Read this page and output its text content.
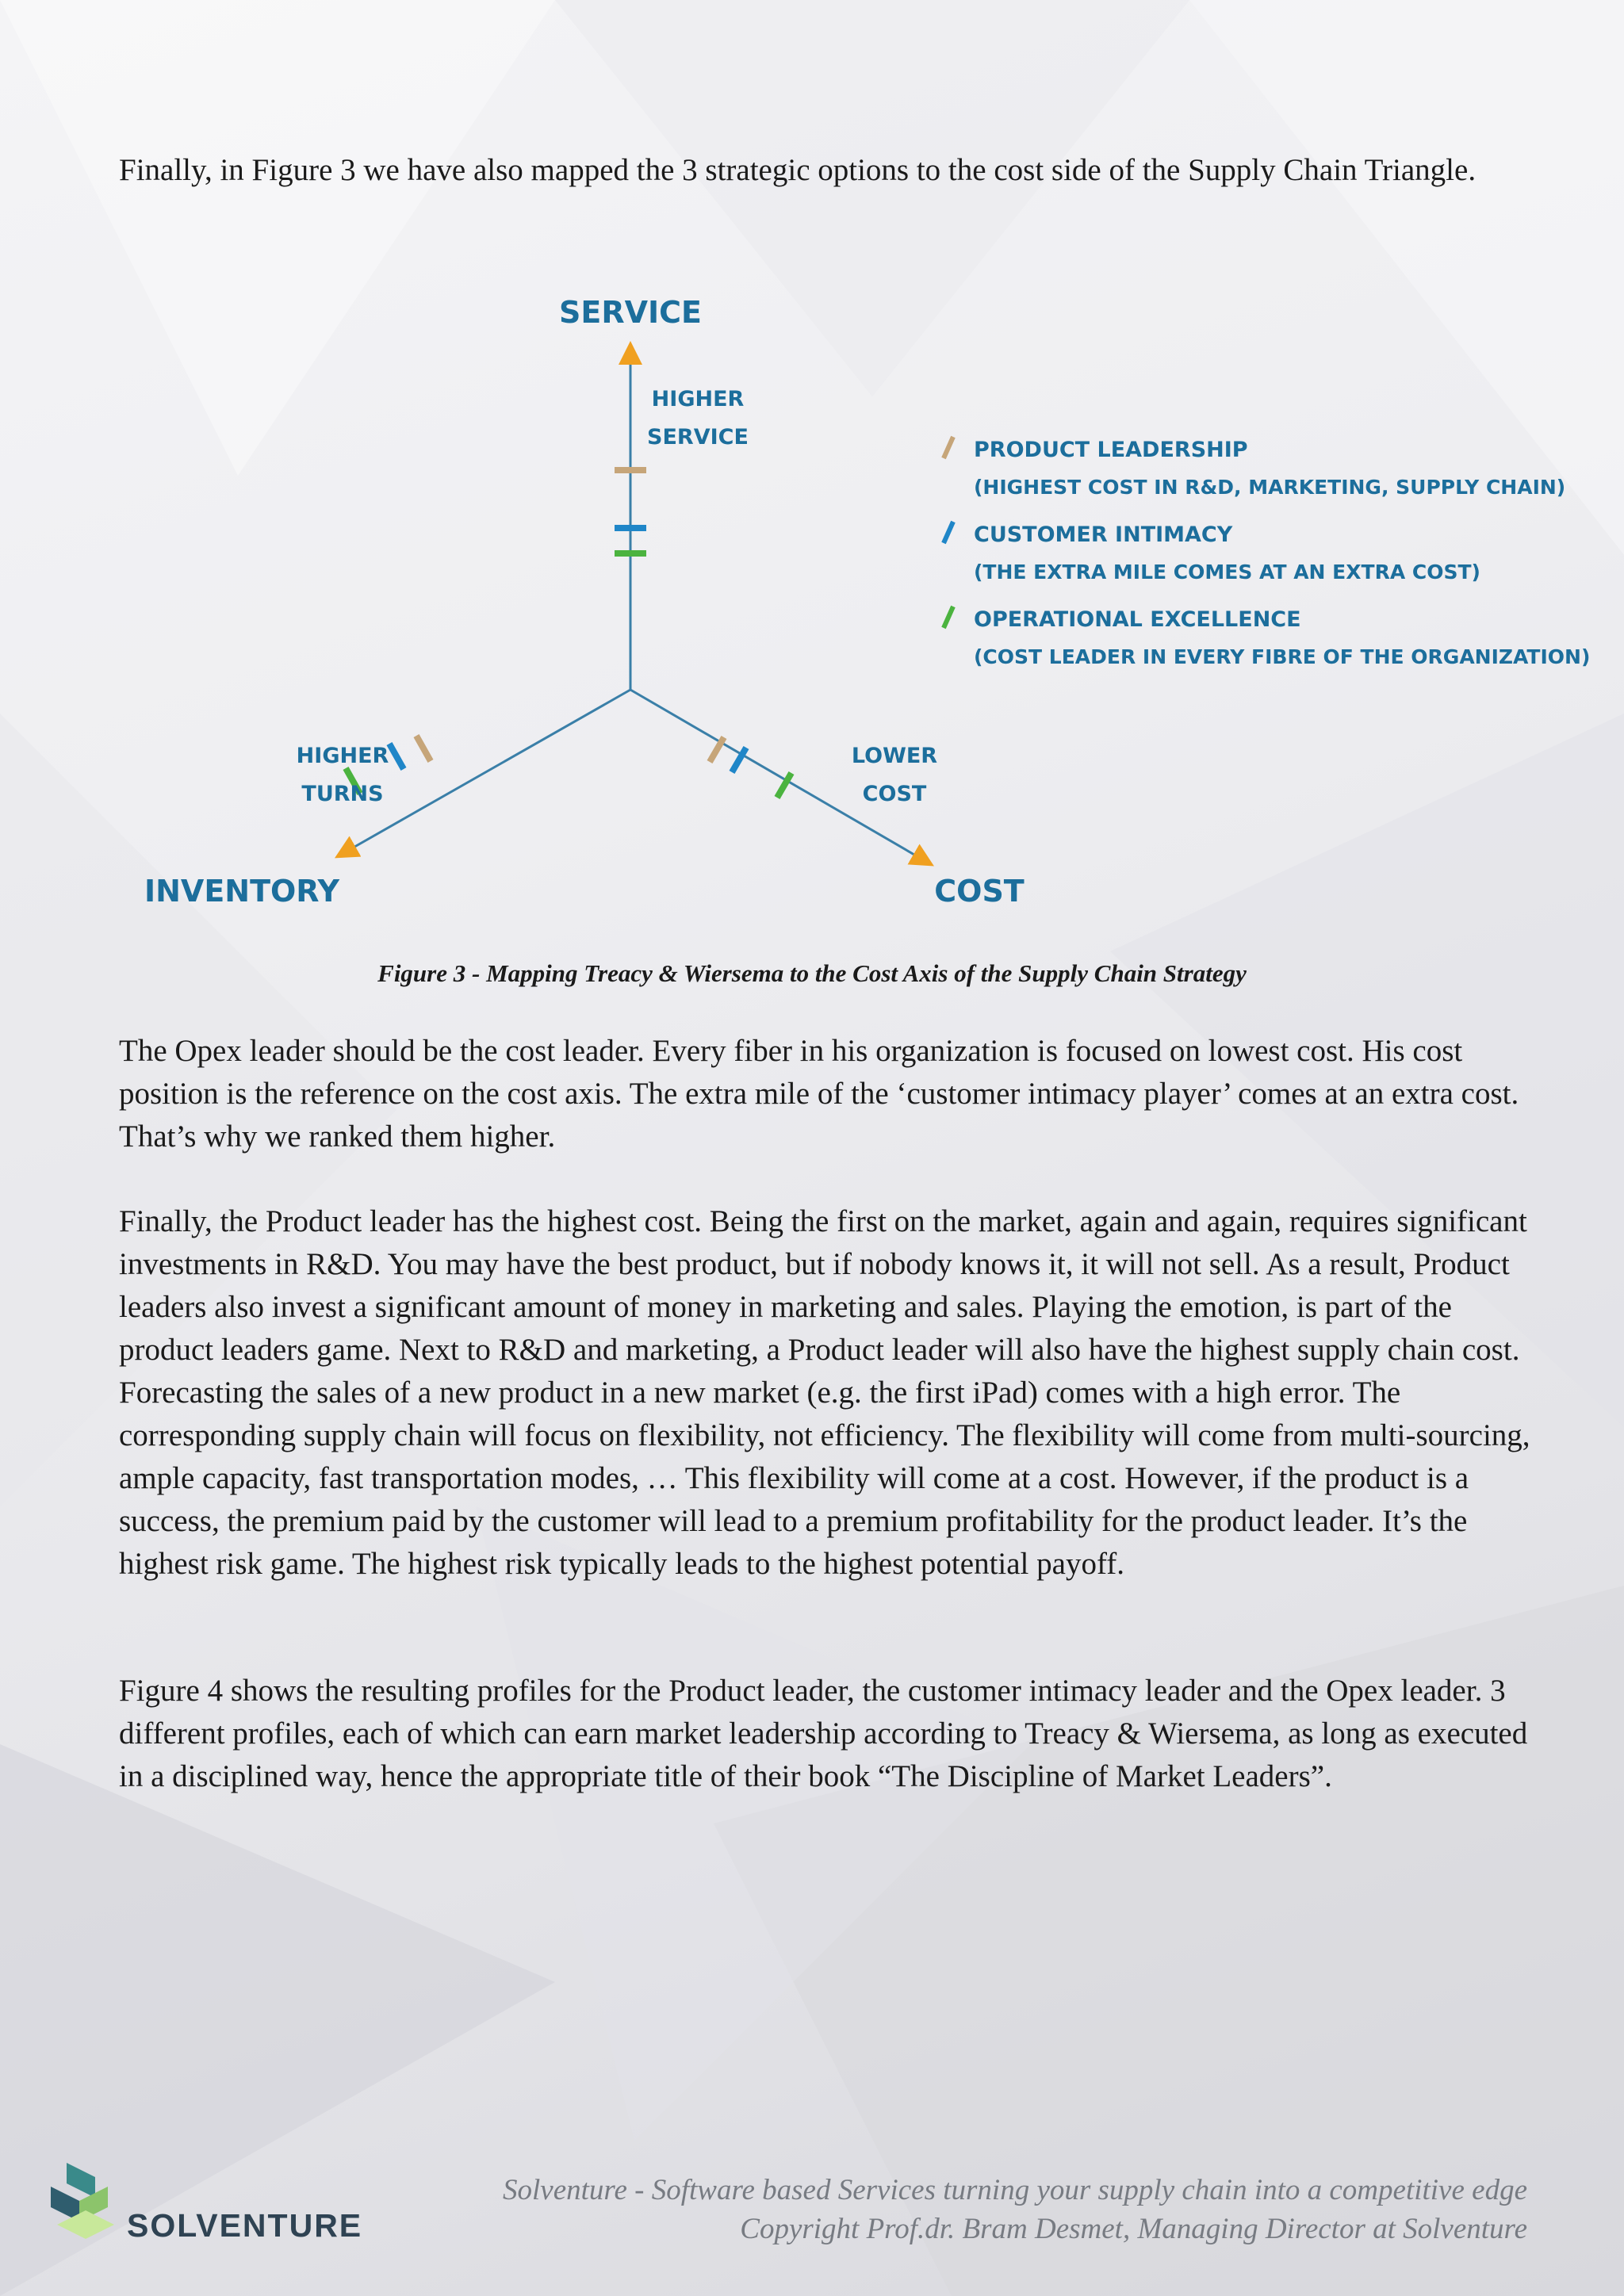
Finally, in Figure 3 we have also mapped the 3 strategic options to the cost side of the Supply Chain Triangle.

SERVICE
INVENTORY	COST
HIGHER
SERVICE
HIGHER
TURNS
LOWER
COST
PRODUCT LEADERSHIP
(HIGHEST COST IN R&D, MARKETING, SUPPLY CHAIN)
CUSTOMER INTIMACY
(THE EXTRA MILE COMES AT AN EXTRA COST)
OPERATIONAL EXCELLENCE
(COST LEADER IN EVERY FIBRE OF THE ORGANIZATION)

Figure 3 - Mapping Treacy & Wiersema to the Cost Axis of the Supply Chain Strategy

The Opex leader should be the cost leader. Every fiber in his organization is focused on lowest cost. His cost position is the reference on the cost axis. The extra mile of the ‘customer intimacy player’ comes at an extra cost. That’s why we ranked them higher.

Finally, the Product leader has the highest cost. Being the first on the market, again and again, requires significant investments in R&D. You may have the best product, but if nobody knows it, it will not sell. As a result, Product leaders also invest a significant amount of money in marketing and sales. Playing the emotion, is part of the product leaders game. Next to R&D and marketing, a Product leader will also have the highest supply chain cost. Forecasting the sales of a new product in a new market (e.g. the first iPad) comes with a high error. The corresponding supply chain will focus on flexibility, not efficiency. The flexibility will come from multi-sourcing, ample capacity, fast transportation modes, … This flexibility will come at a cost. However, if the product is a success, the premium paid by the customer will lead to a premium profitability for the product leader. It’s the highest risk game. The highest risk typically leads to the highest potential payoff.

Figure 4 shows the resulting profiles for the Product leader, the customer intimacy leader and the Opex leader. 3 different profiles, each of which can earn market leadership according to Treacy & Wiersema, as long as executed in a disciplined way, hence the appropriate title of their book “The Discipline of Market Leaders”.

SOLVENTURE
Solventure - Software based Services turning your supply chain into a competitive edge
Copyright Prof.dr. Bram Desmet, Managing Director at Solventure
